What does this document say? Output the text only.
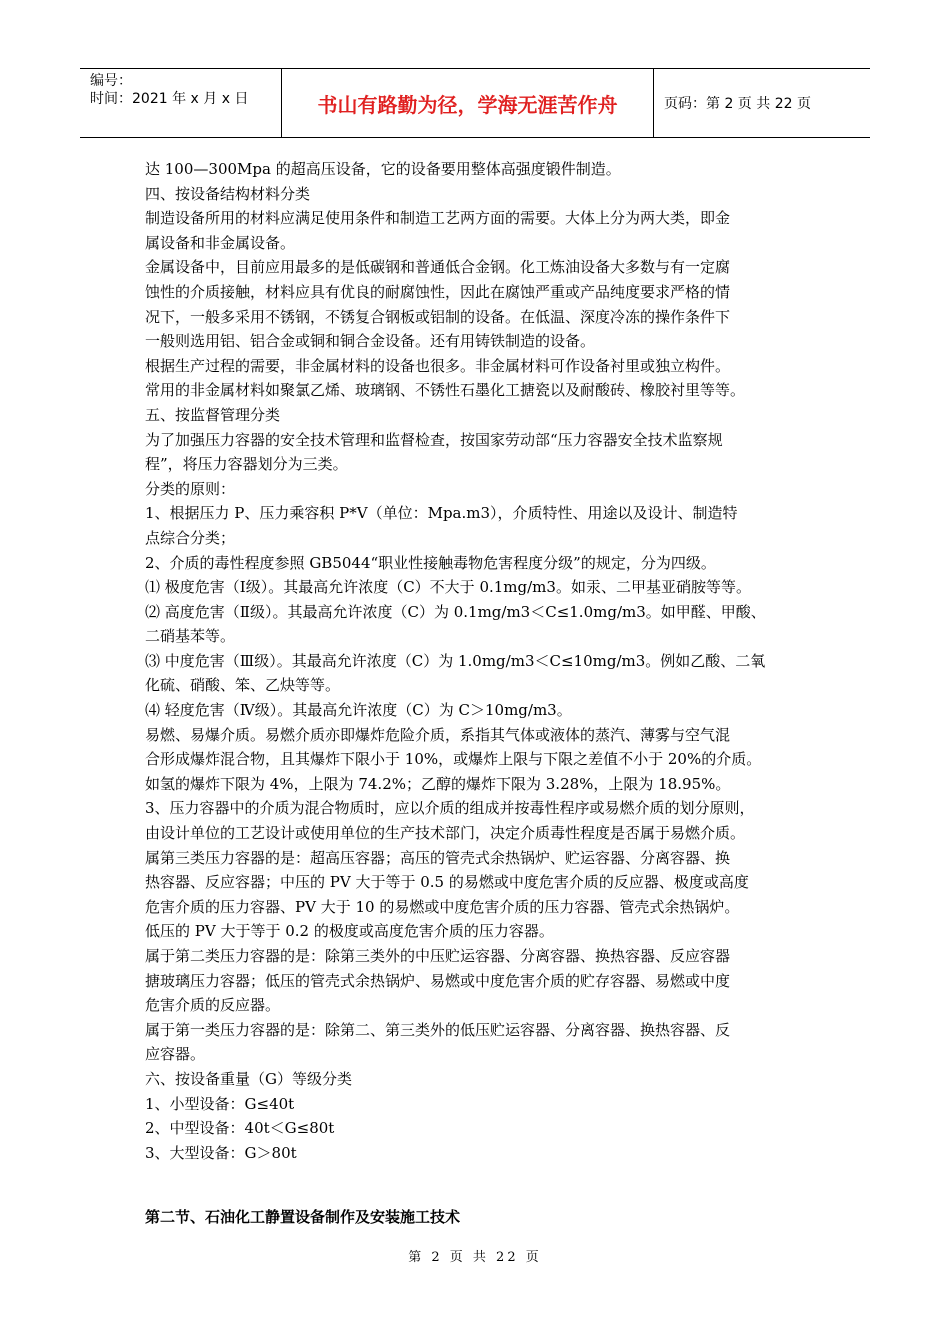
编号：
时间：2021 年 x 月 x 日	书山有路勤为径，学海无涯苦作舟	页码：第 2 页 共 22 页

达 100—300Mpa 的超高压设备，它的设备要用整体高强度锻件制造。

四、按设备结构材料分类

制造设备所用的材料应满足使用条件和制造工艺两方面的需要。大体上分为两大类，即金

属设备和非金属设备。

金属设备中，目前应用最多的是低碳钢和普通低合金钢。化工炼油设备大多数与有一定腐

蚀性的介质接触，材料应具有优良的耐腐蚀性，因此在腐蚀严重或产品纯度要求严格的情

况下，一般多采用不锈钢，不锈复合钢板或铝制的设备。在低温、深度冷冻的操作条件下

一般则选用铝、铝合金或铜和铜合金设备。还有用铸铁制造的设备。

根据生产过程的需要，非金属材料的设备也很多。非金属材料可作设备衬里或独立构件。

常用的非金属材料如聚氯乙烯、玻璃钢、不锈性石墨化工搪瓷以及耐酸砖、橡胶衬里等等。

五、按监督管理分类

为了加强压力容器的安全技术管理和监督检查，按国家劳动部“压力容器安全技术监察规

程”，将压力容器划分为三类。

分类的原则：

1、根据压力 P、压力乘容积 P*V（单位：Mpa.m3），介质特性、用途以及设计、制造特

点综合分类；

2、介质的毒性程度参照 GB5044“职业性接触毒物危害程度分级”的规定，分为四级。

⑴ 极度危害（Ⅰ级）。其最高允许浓度（C）不大于 0.1mg/m3。如汞、二甲基亚硝胺等等。

⑵ 高度危害（Ⅱ级）。其最高允许浓度（C）为 0.1mg/m3＜C≤1.0mg/m3。如甲醛、甲酸、

二硝基苯等。

⑶ 中度危害（Ⅲ级）。其最高允许浓度（C）为 1.0mg/m3＜C≤10mg/m3。例如乙酸、二氧

化硫、硝酸、笨、乙炔等等。

⑷ 轻度危害（Ⅳ级）。其最高允许浓度（C）为 C＞10mg/m3。

易燃、易爆介质。易燃介质亦即爆炸危险介质，系指其气体或液体的蒸汽、薄雾与空气混

合形成爆炸混合物，且其爆炸下限小于 10%，或爆炸上限与下限之差值不小于 20%的介质。

如氢的爆炸下限为 4%，上限为 74.2%；乙醇的爆炸下限为 3.28%，上限为 18.95%。

3、压力容器中的介质为混合物质时，应以介质的组成并按毒性程序或易燃介质的划分原则，

由设计单位的工艺设计或使用单位的生产技术部门，决定介质毒性程度是否属于易燃介质。

属第三类压力容器的是：超高压容器；高压的管壳式余热锅炉、贮运容器、分离容器、换

热容器、反应容器；中压的 PV 大于等于 0.5 的易燃或中度危害介质的反应器、极度或高度

危害介质的压力容器、PV 大于 10 的易燃或中度危害介质的压力容器、管壳式余热锅炉。

低压的 PV 大于等于 0.2 的极度或高度危害介质的压力容器。

属于第二类压力容器的是：除第三类外的中压贮运容器、分离容器、换热容器、反应容器

搪玻璃压力容器；低压的管壳式余热锅炉、易燃或中度危害介质的贮存容器、易燃或中度

危害介质的反应器。

属于第一类压力容器的是：除第二、第三类外的低压贮运容器、分离容器、换热容器、反

应容器。

六、按设备重量（G）等级分类

1、小型设备：G≤40t

2、中型设备：40t＜G≤80t

3、大型设备：G＞80t

第二节、石油化工静置设备制作及安装施工技术
第 2 页 共 22 页
